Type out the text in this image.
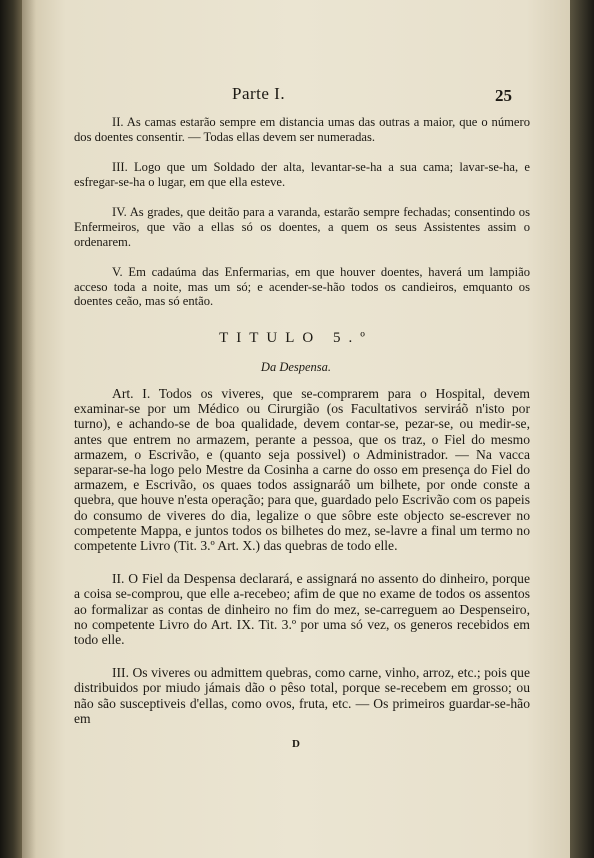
Parte I.	25

II. As camas estarão sempre em distancia umas das outras a maior, que o número dos doentes consentir. — Todas ellas devem ser numeradas.

III. Logo que um Soldado der alta, levantar-se-ha a sua cama; lavar-se-ha, e esfregar-se-ha o lugar, em que ella esteve.

IV. As grades, que deitão para a varanda, estarão sempre fechadas; consentindo os Enfermeiros, que vão a ellas só os doentes, a quem os seus Assistentes assim o ordenarem.

V. Em cadaúma das Enfermarias, em que houver doentes, haverá um lampião acceso toda a noite, mas um só; e acender-se-hão todos os candieiros, emquanto os doentes ceão, mas só então.

TITULO 5.º
Da Despensa.

Art. I. Todos os viveres, que se-comprarem para o Hospital, devem examinar-se por um Médico ou Cirurgião (os Facultativos serviráõ n'isto por turno), e achando-se de boa qualidade, devem contar-se, pezar-se, ou medir-se, antes que entrem no armazem, perante a pessoa, que os traz, o Fiel do mesmo armazem, o Escrivão, e (quanto seja possivel) o Administrador. — Na vacca separar-se-ha logo pelo Mestre da Cosinha a carne do osso em presença do Fiel do armazem, e Escrivão, os quaes todos assignaráõ um bilhete, por onde conste a quebra, que houve n'esta operação; para que, guardado pelo Escrivão com os papeis do consumo de viveres do dia, legalize o que sôbre este objecto se-escrever no competente Mappa, e juntos todos os bilhetes do mez, se-lavre a final um termo no competente Livro (Tit. 3.º Art. X.) das quebras de todo elle.

II. O Fiel da Despensa declarará, e assignará no assento do dinheiro, porque a coisa se-comprou, que elle a-recebeo; afim de que no exame de todos os assentos ao formalizar as contas de dinheiro no fim do mez, se-carreguem ao Despenseiro, no competente Livro do Art. IX. Tit. 3.º por uma só vez, os generos recebidos em todo elle.

III. Os viveres ou admittem quebras, como carne, vinho, arroz, etc.; pois que distribuidos por miudo jámais dão o pêso total, porque se-recebem em grosso; ou não são susceptiveis d'ellas, como ovos, fruta, etc. — Os primeiros guardar-se-hão em

D
